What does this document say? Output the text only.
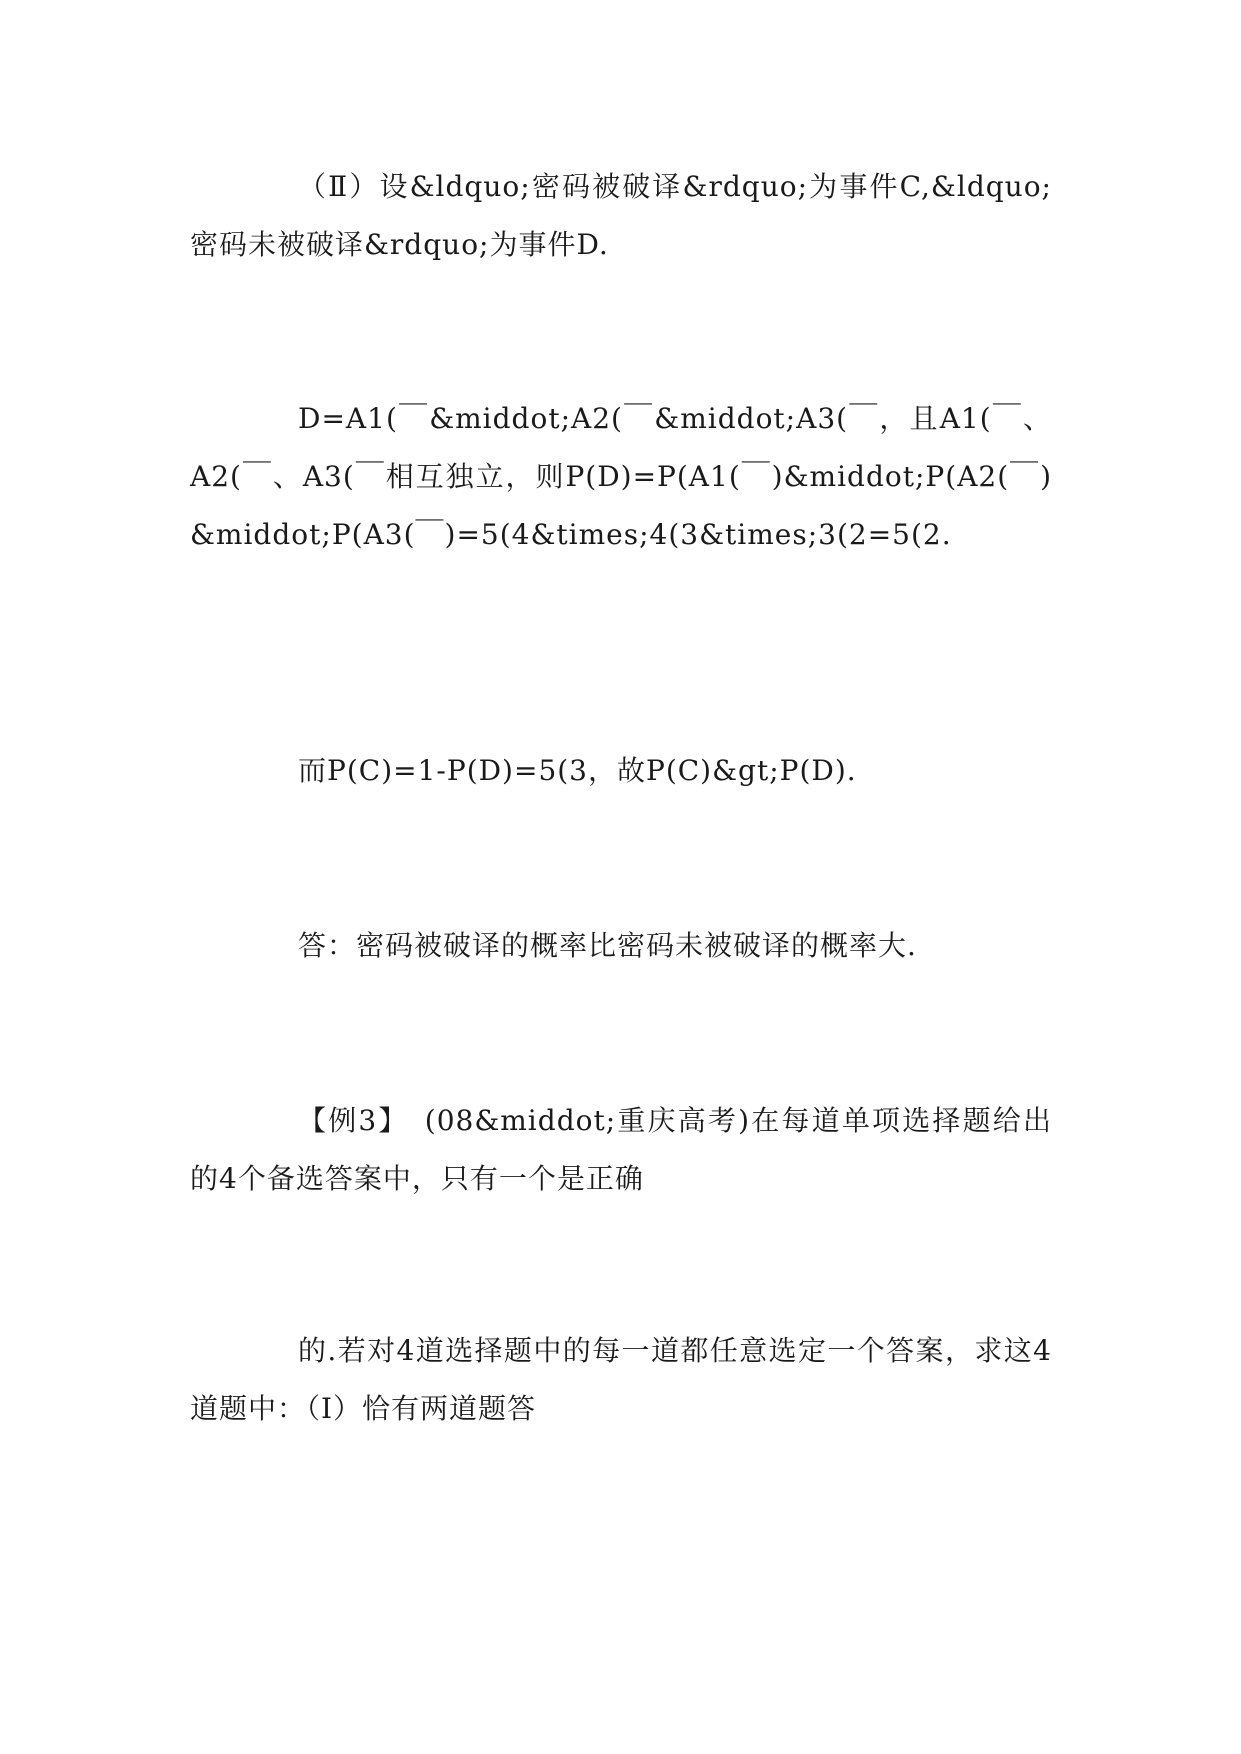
（Ⅱ）设&ldquo;密码被破译&rdquo;为事件C,&ldquo;密码未被破译&rdquo;为事件D.

D=A1(￣&middot;A2(￣&middot;A3(￣，且A1(￣、A2(￣、A3(￣相互独立，则P(D)=P(A1(￣)&middot;P(A2(￣)&middot;P(A3(￣)=5(4&times;4(3&times;3(2=5(2.

而P(C)=1-P(D)=5(3，故P(C)&gt;P(D).

答：密码被破译的概率比密码未被破译的概率大.

【例3】　(08&middot;重庆高考)在每道单项选择题给出的4个备选答案中，只有一个是正确

的.若对4道选择题中的每一道都任意选定一个答案，求这4道题中：（Ⅰ）恰有两道题答
